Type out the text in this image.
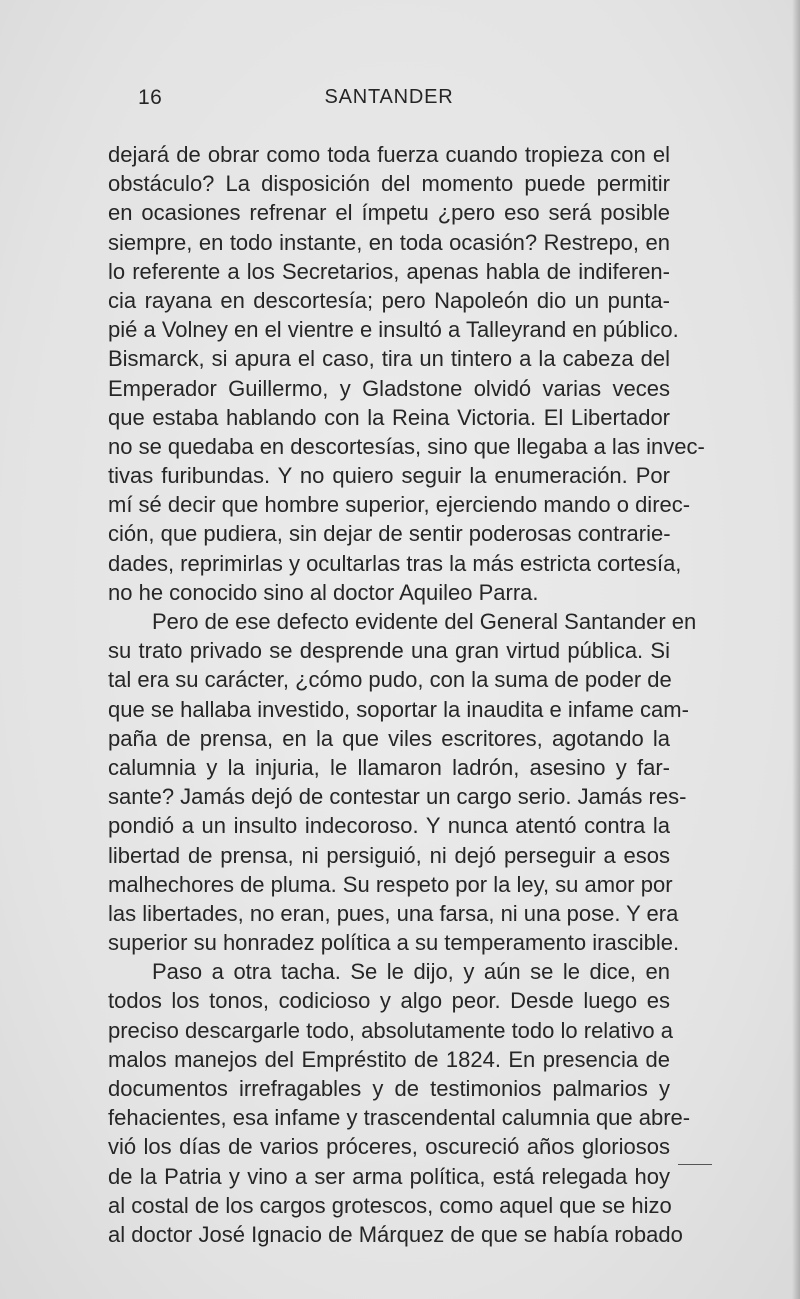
16	SANTANDER
dejará de obrar como toda fuerza cuando tropieza con el
obstáculo? La disposición del momento puede permitir
en ocasiones refrenar el ímpetu ¿pero eso será posible
siempre, en todo instante, en toda ocasión? Restrepo, en
lo referente a los Secretarios, apenas habla de indiferen-
cia rayana en descortesía; pero Napoleón dio un punta-
pié a Volney en el vientre e insultó a Talleyrand en público.
Bismarck, si apura el caso, tira un tintero a la cabeza del
Emperador Guillermo, y Gladstone olvidó varias veces
que estaba hablando con la Reina Victoria. El Libertador
no se quedaba en descortesías, sino que llegaba a las invec-
tivas furibundas. Y no quiero seguir la enumeración. Por
mí sé decir que hombre superior, ejerciendo mando o direc-
ción, que pudiera, sin dejar de sentir poderosas contrarie-
dades, reprimirlas y ocultarlas tras la más estricta cortesía,
no he conocido sino al doctor Aquileo Parra.
Pero de ese defecto evidente del General Santander en
su trato privado se desprende una gran virtud pública. Si
tal era su carácter, ¿cómo pudo, con la suma de poder de
que se hallaba investido, soportar la inaudita e infame cam-
paña de prensa, en la que viles escritores, agotando la
calumnia y la injuria, le llamaron ladrón, asesino y far-
sante? Jamás dejó de contestar un cargo serio. Jamás res-
pondió a un insulto indecoroso. Y nunca atentó contra la
libertad de prensa, ni persiguió, ni dejó perseguir a esos
malhechores de pluma. Su respeto por la ley, su amor por
las libertades, no eran, pues, una farsa, ni una pose. Y era
superior su honradez política a su temperamento irascible.
Paso a otra tacha. Se le dijo, y aún se le dice, en
todos los tonos, codicioso y algo peor. Desde luego es
preciso descargarle todo, absolutamente todo lo relativo a
malos manejos del Empréstito de 1824. En presencia de
documentos irrefragables y de testimonios palmarios y
fehacientes, esa infame y trascendental calumnia que abre-
vió los días de varios próceres, oscureció años gloriosos
de la Patria y vino a ser arma política, está relegada hoy
al costal de los cargos grotescos, como aquel que se hizo
al doctor José Ignacio de Márquez de que se había robado
